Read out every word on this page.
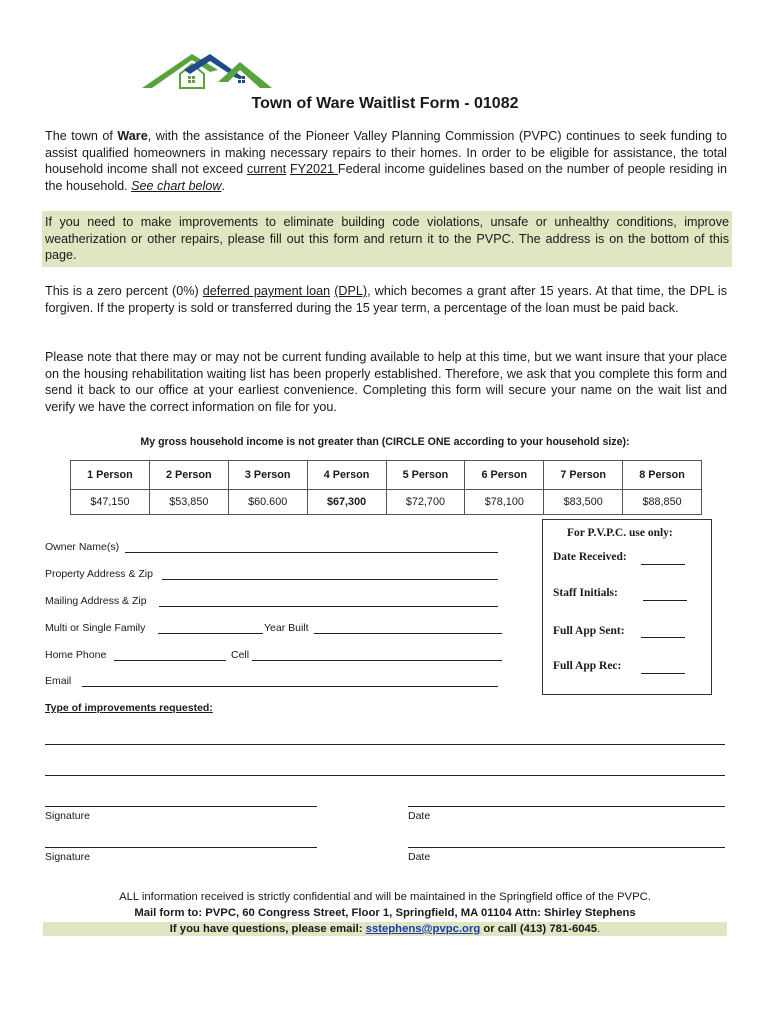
Town of Ware Waitlist Form - 01082
The town of Ware, with the assistance of the Pioneer Valley Planning Commission (PVPC) continues to seek funding to assist qualified homeowners in making necessary repairs to their homes. In order to be eligible for assistance, the total household income shall not exceed current FY2021 Federal income guidelines based on the number of people residing in the household. See chart below.
If you need to make improvements to eliminate building code violations, unsafe or unhealthy conditions, improve weatherization or other repairs, please fill out this form and return it to the PVPC. The address is on the bottom of this page.
This is a zero percent (0%) deferred payment loan (DPL), which becomes a grant after 15 years. At that time, the DPL is forgiven. If the property is sold or transferred during the 15 year term, a percentage of the loan must be paid back.
Please note that there may or may not be current funding available to help at this time, but we want insure that your place on the housing rehabilitation waiting list has been properly established. Therefore, we ask that you complete this form and send it back to our office at your earliest convenience. Completing this form will secure your name on the wait list and verify we have the correct information on file for you.
My gross household income is not greater than (CIRCLE ONE according to your household size):
1 Person	2 Person	3 Person	4 Person	5 Person	6 Person	7 Person	8 Person
$47,150	$53,850	$60.600	$67,300	$72,700	$78,100	$83,500	$88,850
Owner Name(s)
Property Address & Zip
Mailing Address & Zip
Multi or Single Family	Year Built
Home Phone	Cell
Email
Type of improvements requested:
Signature	Date
Signature	Date
For P.V.P.C. use only:
Date Received:
Staff Initials:
Full App Sent:
Full App Rec:
ALL information received is strictly confidential and will be maintained in the Springfield office of the PVPC.
Mail form to: PVPC, 60 Congress Street, Floor 1, Springfield, MA 01104 Attn: Shirley Stephens
If you have questions, please email: sstephens@pvpc.org or call (413) 781-6045.
